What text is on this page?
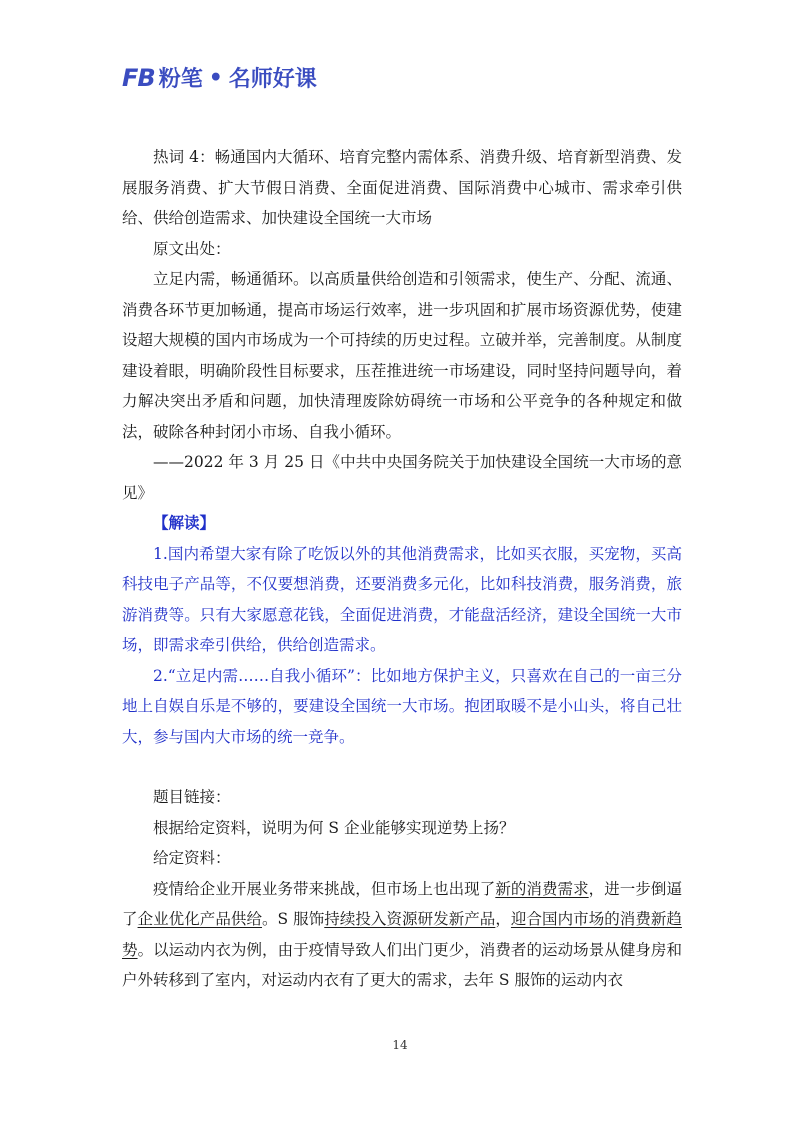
FB 粉笔 • 名师好课

热词 4：畅通国内大循环、培育完整内需体系、消费升级、培育新型消费、发展服务消费、扩大节假日消费、全面促进消费、国际消费中心城市、需求牵引供给、供给创造需求、加快建设全国统一大市场

原文出处：

立足内需，畅通循环。以高质量供给创造和引领需求，使生产、分配、流通、消费各环节更加畅通，提高市场运行效率，进一步巩固和扩展市场资源优势，使建设超大规模的国内市场成为一个可持续的历史过程。立破并举，完善制度。从制度建设着眼，明确阶段性目标要求，压茬推进统一市场建设，同时坚持问题导向，着力解决突出矛盾和问题，加快清理废除妨碍统一市场和公平竞争的各种规定和做法，破除各种封闭小市场、自我小循环。

——2022 年 3 月 25 日《中共中央国务院关于加快建设全国统一大市场的意见》

【解读】

1.国内希望大家有除了吃饭以外的其他消费需求，比如买衣服，买宠物，买高科技电子产品等，不仅要想消费，还要消费多元化，比如科技消费，服务消费，旅游消费等。只有大家愿意花钱，全面促进消费，才能盘活经济，建设全国统一大市场，即需求牵引供给，供给创造需求。

2.“立足内需……自我小循环”：比如地方保护主义，只喜欢在自己的一亩三分地上自娱自乐是不够的，要建设全国统一大市场。抱团取暖不是小山头，将自己壮大，参与国内大市场的统一竞争。

题目链接：

根据给定资料，说明为何 S 企业能够实现逆势上扬？

给定资料：

疫情给企业开展业务带来挑战，但市场上也出现了新的消费需求，进一步倒逼了企业优化产品供给。S 服饰持续投入资源研发新产品，迎合国内市场的消费新趋势。以运动内衣为例，由于疫情导致人们出门更少，消费者的运动场景从健身房和户外转移到了室内，对运动内衣有了更大的需求，去年 S 服饰的运动内衣

14
